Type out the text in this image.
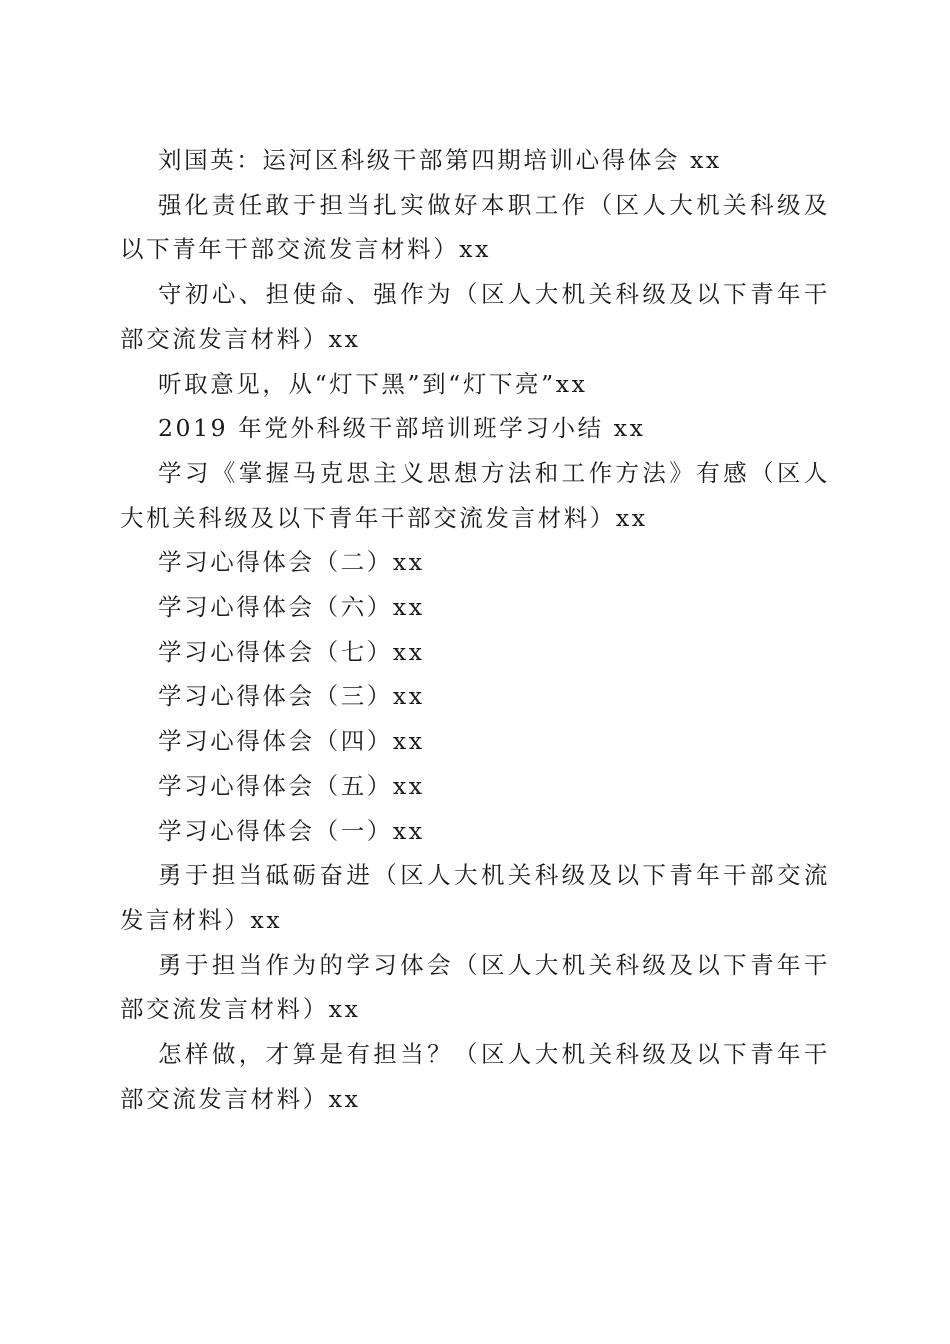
刘国英：运河区科级干部第四期培训心得体会 xx

强化责任敢于担当扎实做好本职工作（区人大机关科级及以下青年干部交流发言材料）xx

守初心、担使命、强作为（区人大机关科级及以下青年干部交流发言材料）xx

听取意见，从“灯下黑”到“灯下亮”xx

2019 年党外科级干部培训班学习小结 xx

学习《掌握马克思主义思想方法和工作方法》有感（区人大机关科级及以下青年干部交流发言材料）xx

学习心得体会（二）xx

学习心得体会（六）xx

学习心得体会（七）xx

学习心得体会（三）xx

学习心得体会（四）xx

学习心得体会（五）xx

学习心得体会（一）xx

勇于担当砥砺奋进（区人大机关科级及以下青年干部交流发言材料）xx

勇于担当作为的学习体会（区人大机关科级及以下青年干部交流发言材料）xx

怎样做，才算是有担当？（区人大机关科级及以下青年干部交流发言材料）xx
